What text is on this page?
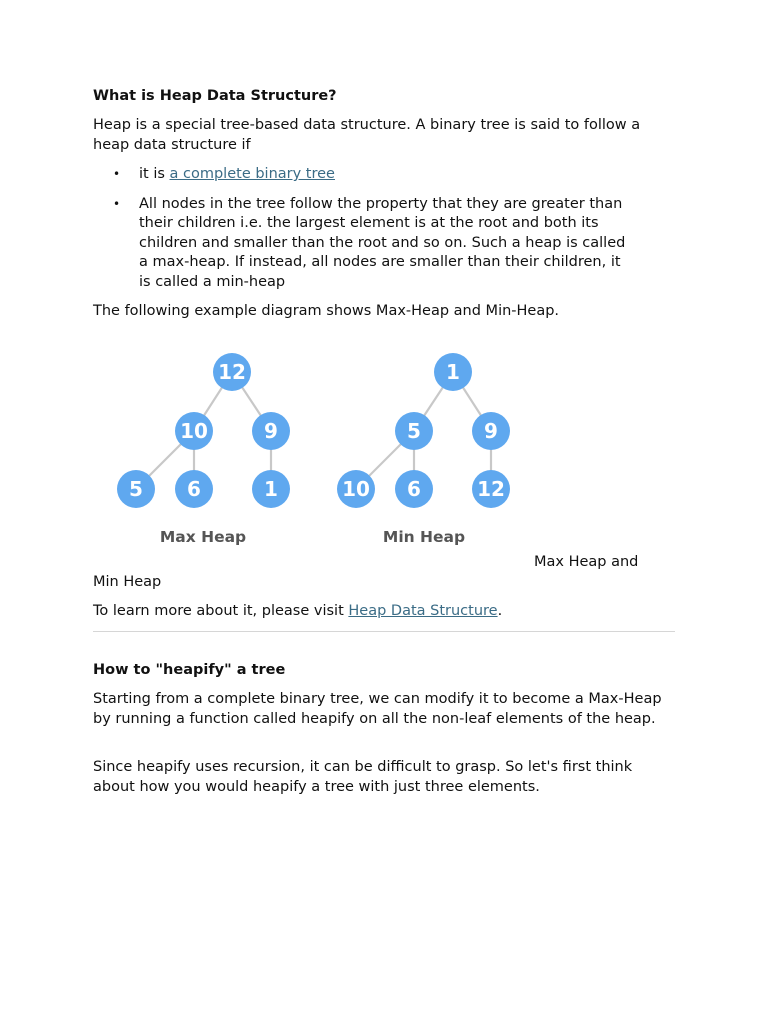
What is Heap Data Structure?

Heap is a special tree-based data structure. A binary tree is said to follow a heap data structure if

• it is a complete binary tree
• All nodes in the tree follow the property that they are greater than their children i.e. the largest element is at the root and both its children and smaller than the root and so on. Such a heap is called a max-heap. If instead, all nodes are smaller than their children, it is called a min-heap

The following example diagram shows Max-Heap and Min-Heap.

Max Heap and
Min Heap

To learn more about it, please visit Heap Data Structure.

How to "heapify" a tree

Starting from a complete binary tree, we can modify it to become a Max-Heap by running a function called heapify on all the non-leaf elements of the heap.

Since heapify uses recursion, it can be difficult to grasp. So let's first think about how you would heapify a tree with just three elements.

12
10	9
5 6	1
1
5	9
10 6	12
Max Heap	Min Heap
